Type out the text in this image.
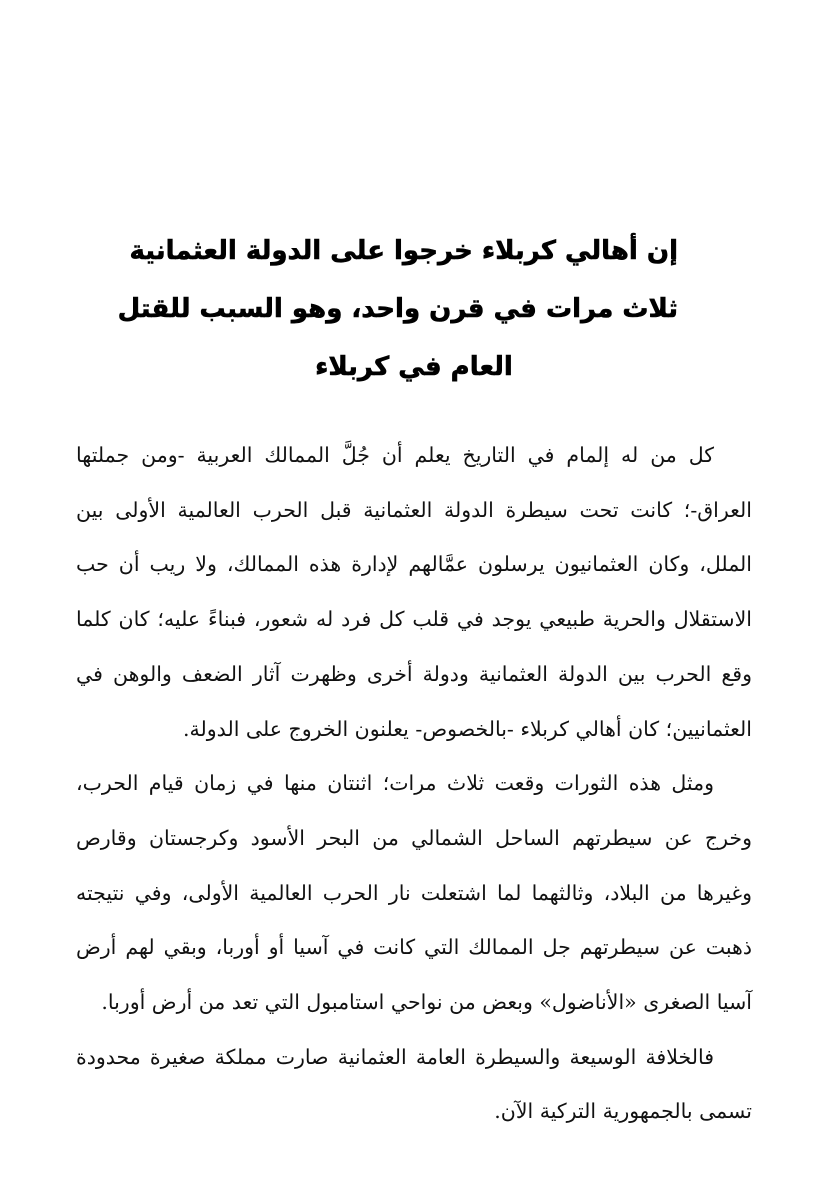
إن أهالي كربلاء خرجوا على الدولة العثمانية
ثلاث مرات في قرن واحد، وهو السبب للقتل
العام في كربلاء

كل من له إلمام في التاريخ يعلم أن جُلَّ الممالك العربية -ومن جملتها العراق-؛ كانت تحت سيطرة الدولة العثمانية قبل الحرب العالمية الأولى بين الملل، وكان العثمانيون يرسلون عمَّالهم لإدارة هذه الممالك، ولا ريب أن حب الاستقلال والحرية طبيعي يوجد في قلب كل فرد له شعور، فبناءً عليه؛ كان كلما وقع الحرب بين الدولة العثمانية ودولة أخرى وظهرت آثار الضعف والوهن في العثمانيين؛ كان أهالي كربلاء -بالخصوص- يعلنون الخروج على الدولة.

ومثل هذه الثورات وقعت ثلاث مرات؛ اثنتان منها في زمان قيام الحرب، وخرج عن سيطرتهم الساحل الشمالي من البحر الأسود وكرجستان وقارص وغيرها من البلاد، وثالثهما لما اشتعلت نار الحرب العالمية الأولى، وفي نتيجته ذهبت عن سيطرتهم جل الممالك التي كانت في آسيا أو أوربا، وبقي لهم أرض آسيا الصغرى «الأناضول» وبعض من نواحي استامبول التي تعد من أرض أوربا.

فالخلافة الوسيعة والسيطرة العامة العثمانية صارت مملكة صغيرة محدودة تسمى بالجمهورية التركية الآن.
